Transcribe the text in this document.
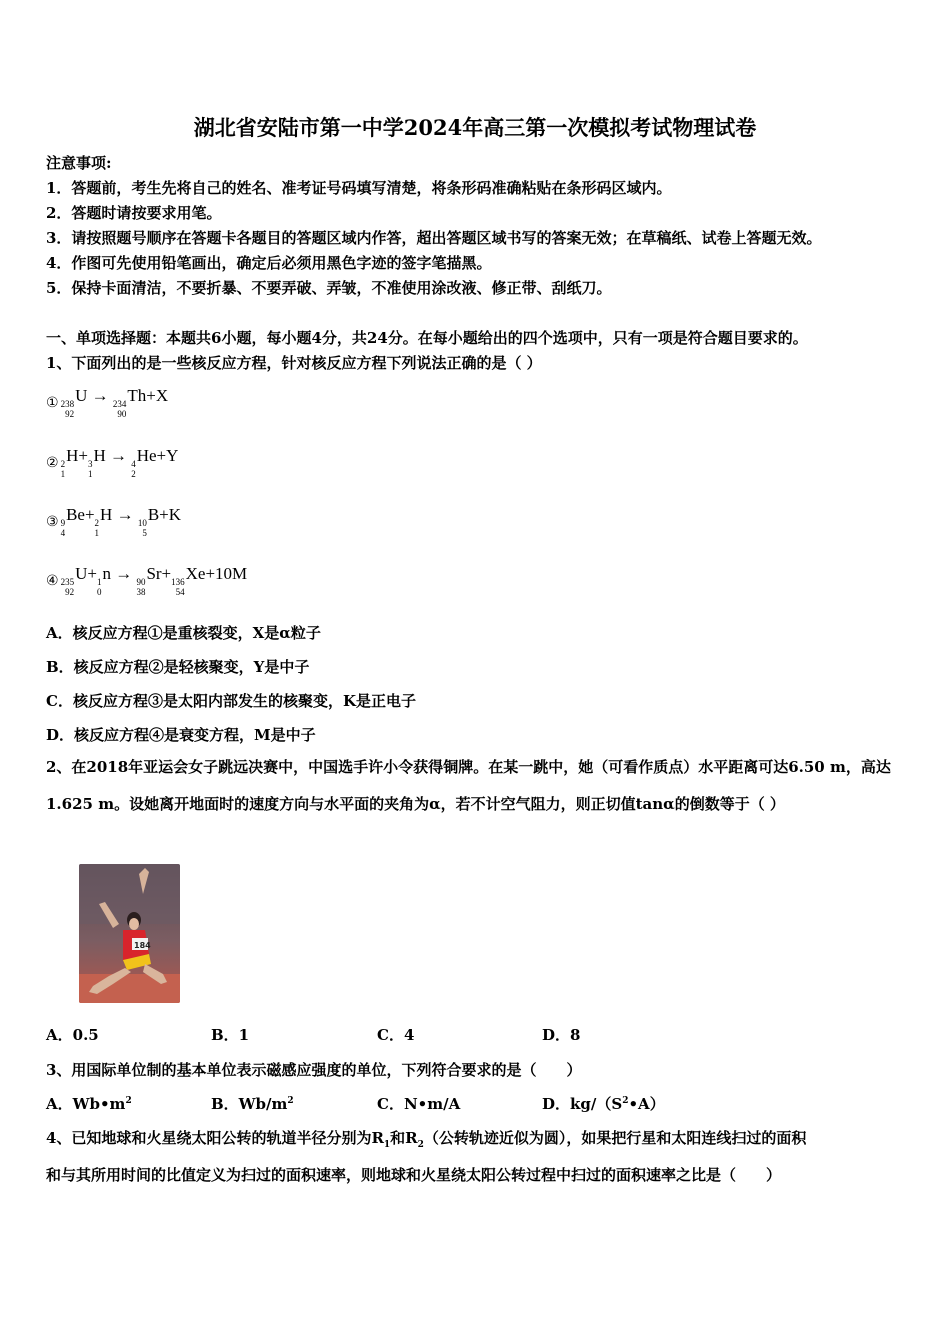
湖北省安陆市第一中学2024年高三第一次模拟考试物理试卷
注意事项:
1．答题前，考生先将自己的姓名、准考证号码填写清楚，将条形码准确粘贴在条形码区域内。
2．答题时请按要求用笔。
3．请按照题号顺序在答题卡各题目的答题区域内作答，超出答题区域书写的答案无效；在草稿纸、试卷上答题无效。
4．作图可先使用铅笔画出，确定后必须用黑色字迹的签字笔描黑。
5．保持卡面清洁，不要折暴、不要弄破、弄皱，不准使用涂改液、修正带、刮纸刀。
一、单项选择题：本题共6小题，每小题4分，共24分。在每小题给出的四个选项中，只有一项是符合题目要求的。
1、下面列出的是一些核反应方程，针对核反应方程下列说法正确的是（ ）
① 238
92
U → 234
90
Th+X
② 2
1
H+ 3
1
H → 4
2
He+Y
③ 9
4
Be+ 2
1
H → 10
5
B+K
④ 235
92
U+ 1
0
n → 90
38
Sr+ 136
54
Xe+10M
A．核反应方程①是重核裂变，X是α粒子
B．核反应方程②是轻核聚变，Y是中子
C．核反应方程③是太阳内部发生的核聚变，K是正电子
D．核反应方程④是衰变方程，M是中子
2、在2018年亚运会女子跳远决赛中，中国选手许小令获得铜牌。在某一跳中，她（可看作质点）水平距离可达6.50 m，高达1.625 m。设她离开地面时的速度方向与水平面的夹角为α，若不计空气阻力，则正切值tanα的倒数等于（ ）
184
A．0.5	B．1	C．4	D．8
3、用国际单位制的基本单位表示磁感应强度的单位，下列符合要求的是（　　）
A．$Wb•m^2$	B．$Wb/m^2$	C．N•m/A	D．$kg/(S^2•A)$
4、已知地球和火星绕太阳公转的轨道半径分别为$R_1$和$R_2$（公转轨迹近似为圆），如果把行星和太阳连线扫过的面积
和与其所用时间的比值定义为扫过的面积速率，则地球和火星绕太阳公转过程中扫过的面积速率之比是（　　）
